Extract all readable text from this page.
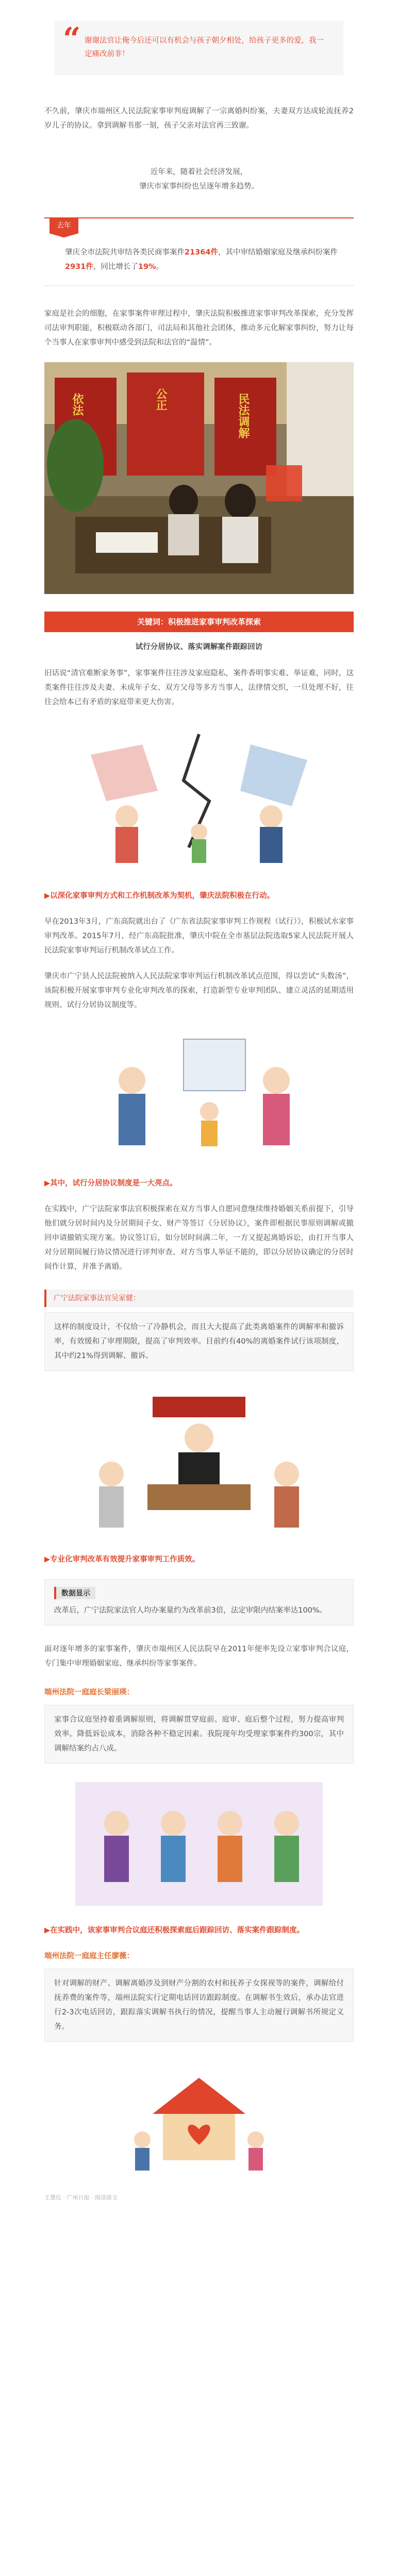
“ 谢谢法官让俺今后还可以有机会与孩子朝夕相处，给孩子更多的爱，我一定痛改前非！

不久前，肇庆市端州区人民法院家事审判庭调解了一宗离婚纠纷案，夫妻双方达成轮流抚养2岁儿子的协议。拿到调解书那一刻，孩子父亲对法官再三致谢。

近年来，随着社会经济发展，

肇庆市家事纠纷也呈逐年增多趋势。

去年

肇庆全市法院共审结各类民商事案件21364件，其中审结婚姻家庭及继承纠纷案件2931件，同比增长了19%。

家庭是社会的细胞，在家事案件审理过程中，肇庆法院积极推进家事审判改革探索，充分发挥司法审判职能，积极联动各部门，司法局和其他社会团体，推动多元化解家事纠纷，努力让每个当事人在家事审判中感受到法院和法官的“温情”。

依法	公正	民法调解
关键词：积极推进家事审判改革探索

试行分居协议、落实调解案件跟踪回访

旧话说“清官难断家务事”，家事案件往往涉及家庭隐私，案件香明事实难、举证难，同时，这类案件往往涉及夫妻、未成年子女、双方父母等多方当事人，法律情交织，一旦处理不好，往往会给本已有矛盾的家庭带来更大伤害。

▶以深化家事审判方式和工作机制改革为契机，肇庆法院积极在行动。

早在2013年3月，广东高院就出台了《广东省法院家事审判工作规程（试行）》，积极试水家事审判改革。2015年7月，经广东高院批准，肇庆中院在全市基层法院选取5家人民法院开展人民法院家事审判运行机制改革试点工作。

肇庆市广宁县人民法院被纳入人民法院家事审判运行机制改革试点范围，得以尝试“头数汤”，该院积极开展家事审判专业化审判改革的探索，打造新型专业审判团队、建立灵活的延期适用规则、试行分居协议制度等。

▶其中，试行分居协议制度是一大亮点。

在实践中，广宁法院家事法官积极探索在双方当事人自愿同意继续维持婚姻关系前提下，引导他们就分居时间内及分居期间子女、财产等签订《分居协议》，案件即根据民事原则调解或撤回申请撤销实现方案。协议签订后，如分居时间满二年，一方又提起离婚诉讼，由打开当事人对分居期间履行协议情况进行评判审查、对方当事人举证不能的，即以分居协议确定的分居时间作计算，并准予离婚。

广宁法院家事法官吴家健：

这样的制度设计，不仅给一了冷静机会，而且大大提高了此类离婚案件的调解率和撤诉率，有效缓和了审理期限，提高了审判效率。目前约有40%的离婚案件试行该项制度，其中约21%得到调解、撤诉。

▶专业化审判改革有效提升家事审判工作质效。

数据显示

改革后，广宁法院家法官人均办案量约为改革前3倍，法定审限内结案率达100%。

面对逐年增多的家事案件，肇庆市端州区人民法院早在2011年便率先设立家事审判合议庭，专门集中审理婚姻家庭、继承纠纷等家事案件。

端州法院一庭庭长梁丽瑛：

家事合议庭坚持着重调解原则，将调解贯穿庭前、庭审、庭后整个过程，努力提高审判效率。降低诉讼成本，消除各种不稳定因素。我院现年均受理家事案件约300宗，其中调解结案约占八成。

▶在实践中，该家事审判合议庭还积极探索庭后跟踪回访、落实案件跟踪制度。

端州法院一庭庭主任廖薇：

针对调解的财产、调解离婚涉及到财产分割的农村和抚养子女探视等的案件，调解给付抚养费的案件等，端州法院实行定期电话回访跟踪制度。在调解书生效后，承办法官进行2-3次电话回访，跟踪落实调解书执行的情况，提醒当事人主动履行调解书所规定义务。

王慧仪 · 广州日报 · 阅读原文
